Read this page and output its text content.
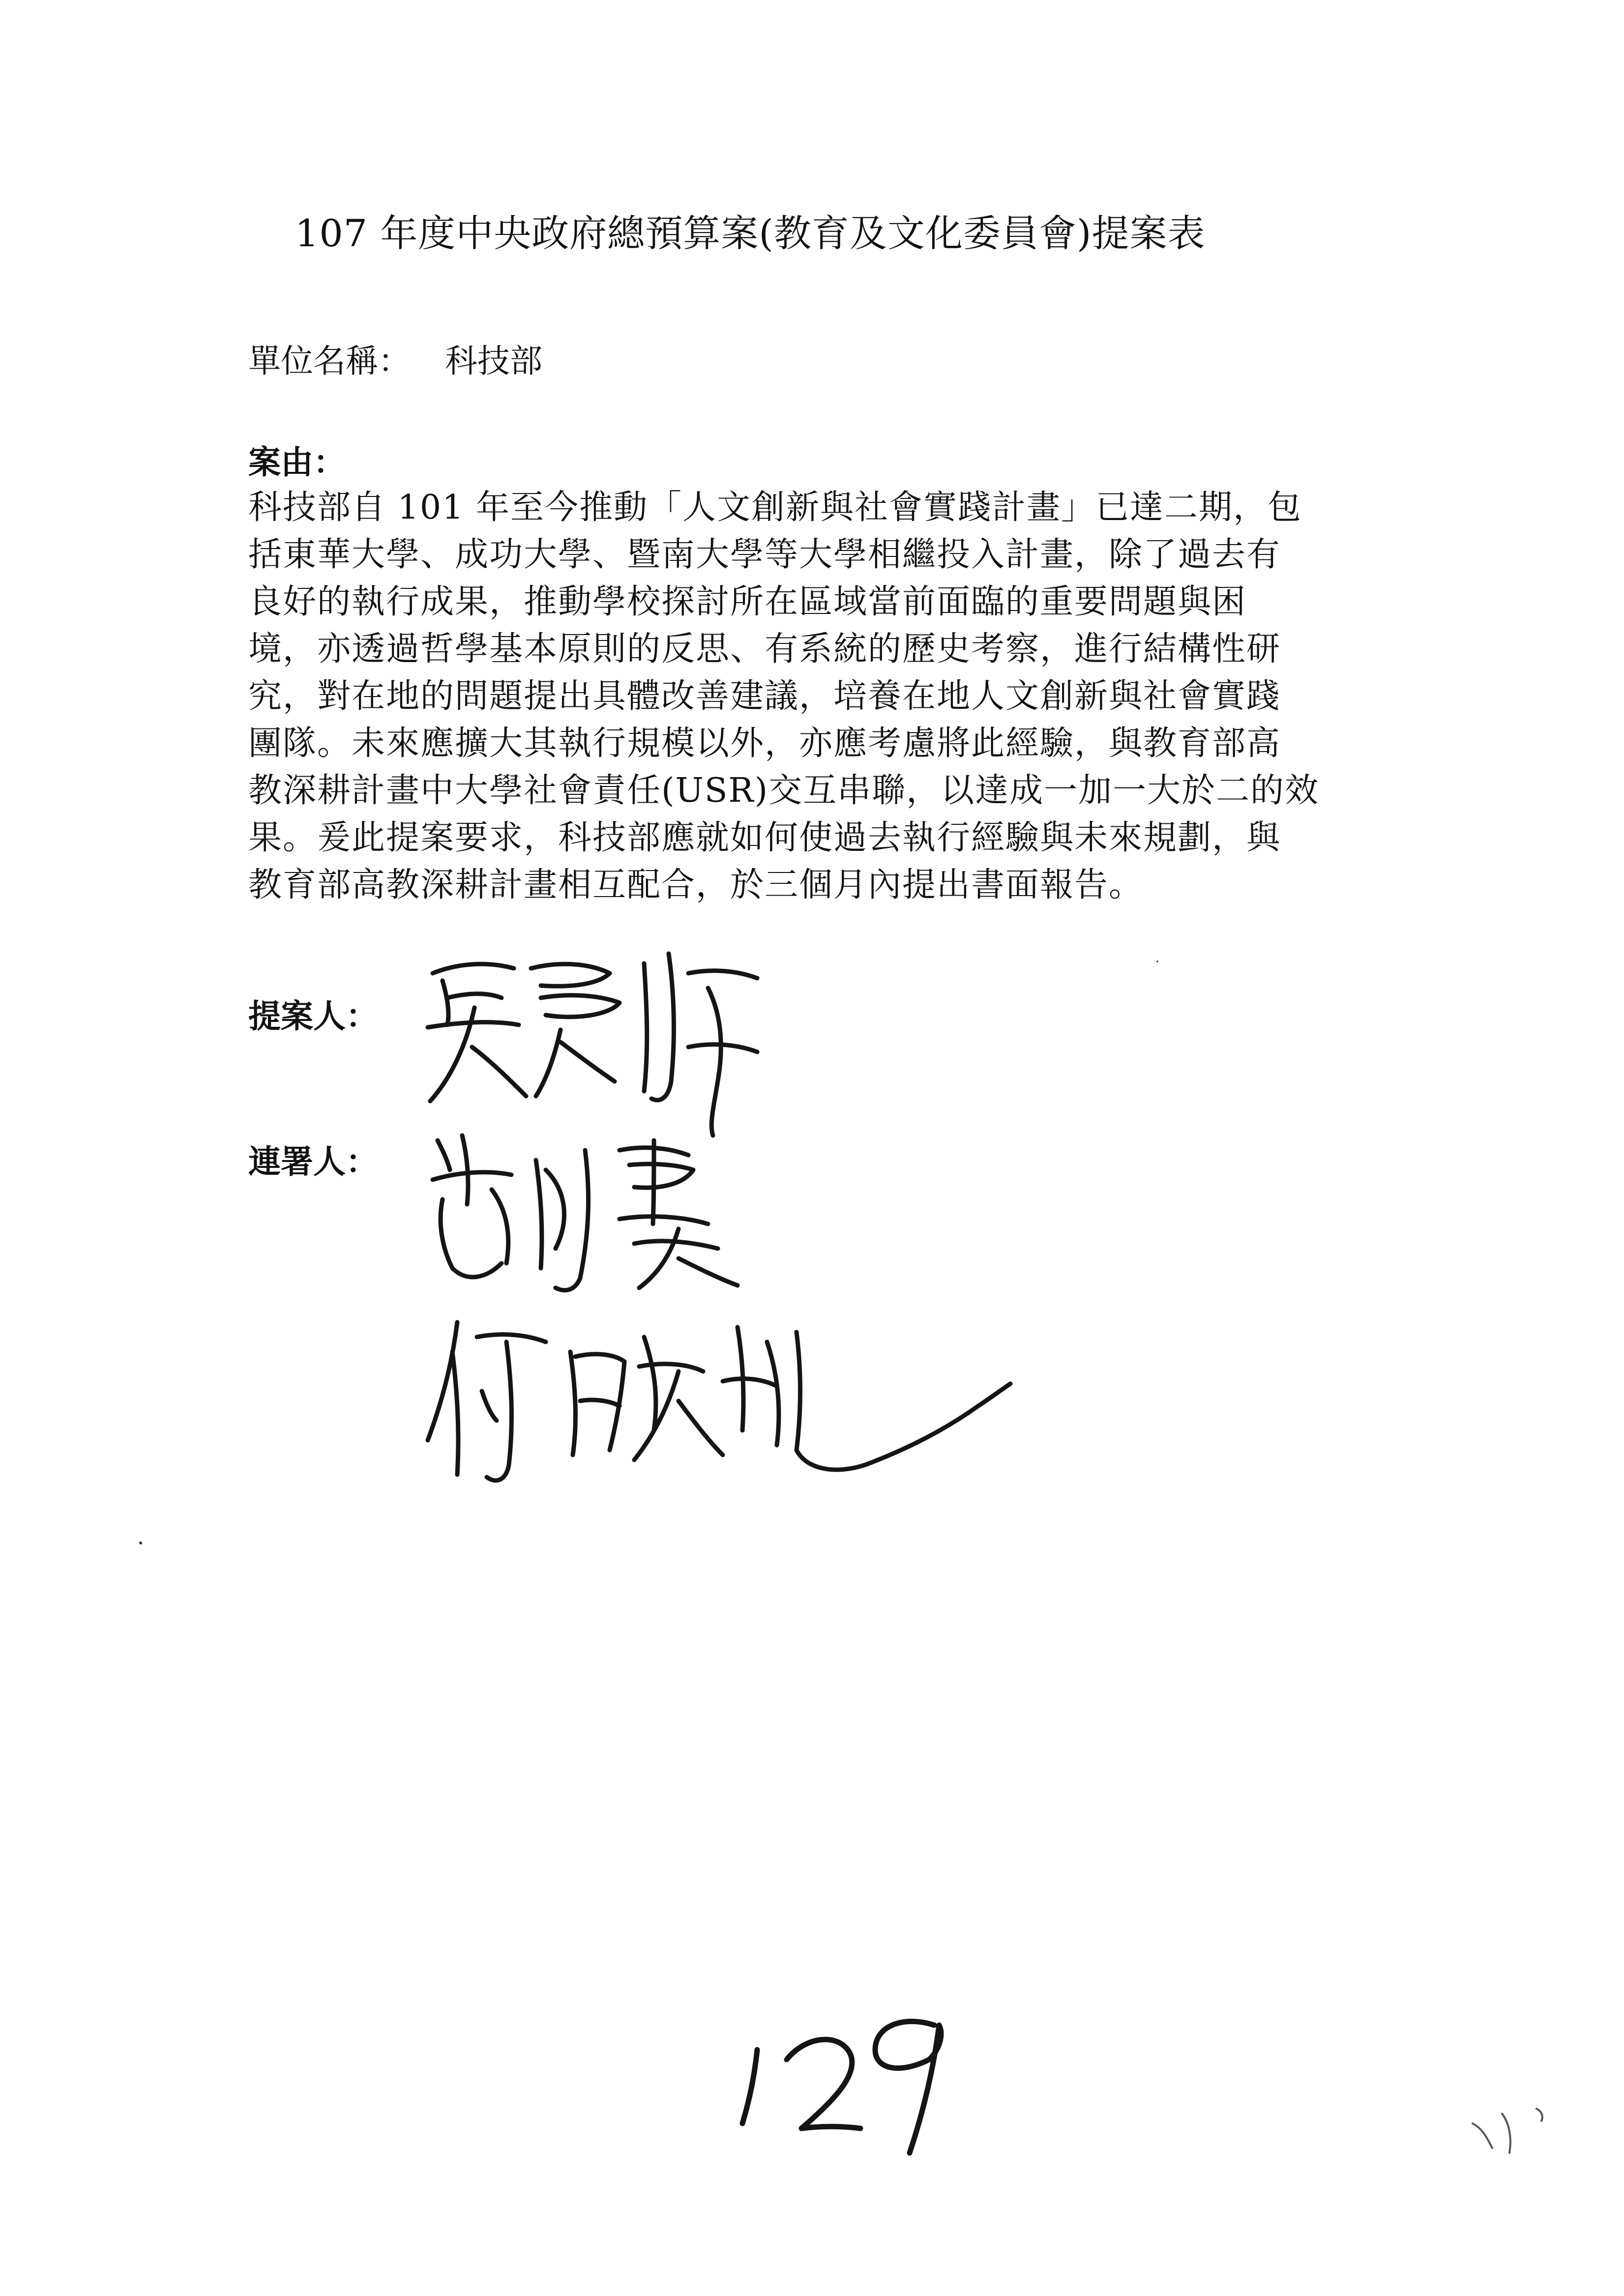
107 年度中央政府總預算案(教育及文化委員會)提案表
單位名稱： 科技部
案由：
科技部自 101 年至今推動「人文創新與社會實踐計畫」已達二期，包
括東華大學、成功大學、暨南大學等大學相繼投入計畫，除了過去有
良好的執行成果，推動學校探討所在區域當前面臨的重要問題與困
境，亦透過哲學基本原則的反思、有系統的歷史考察，進行結構性研
究，對在地的問題提出具體改善建議，培養在地人文創新與社會實踐
團隊。未來應擴大其執行規模以外，亦應考慮將此經驗，與教育部高
教深耕計畫中大學社會責任(USR)交互串聯，以達成一加一大於二的效
果。爰此提案要求，科技部應就如何使過去執行經驗與未來規劃，與
教育部高教深耕計畫相互配合，於三個月內提出書面報告。
提案人：
連署人：
